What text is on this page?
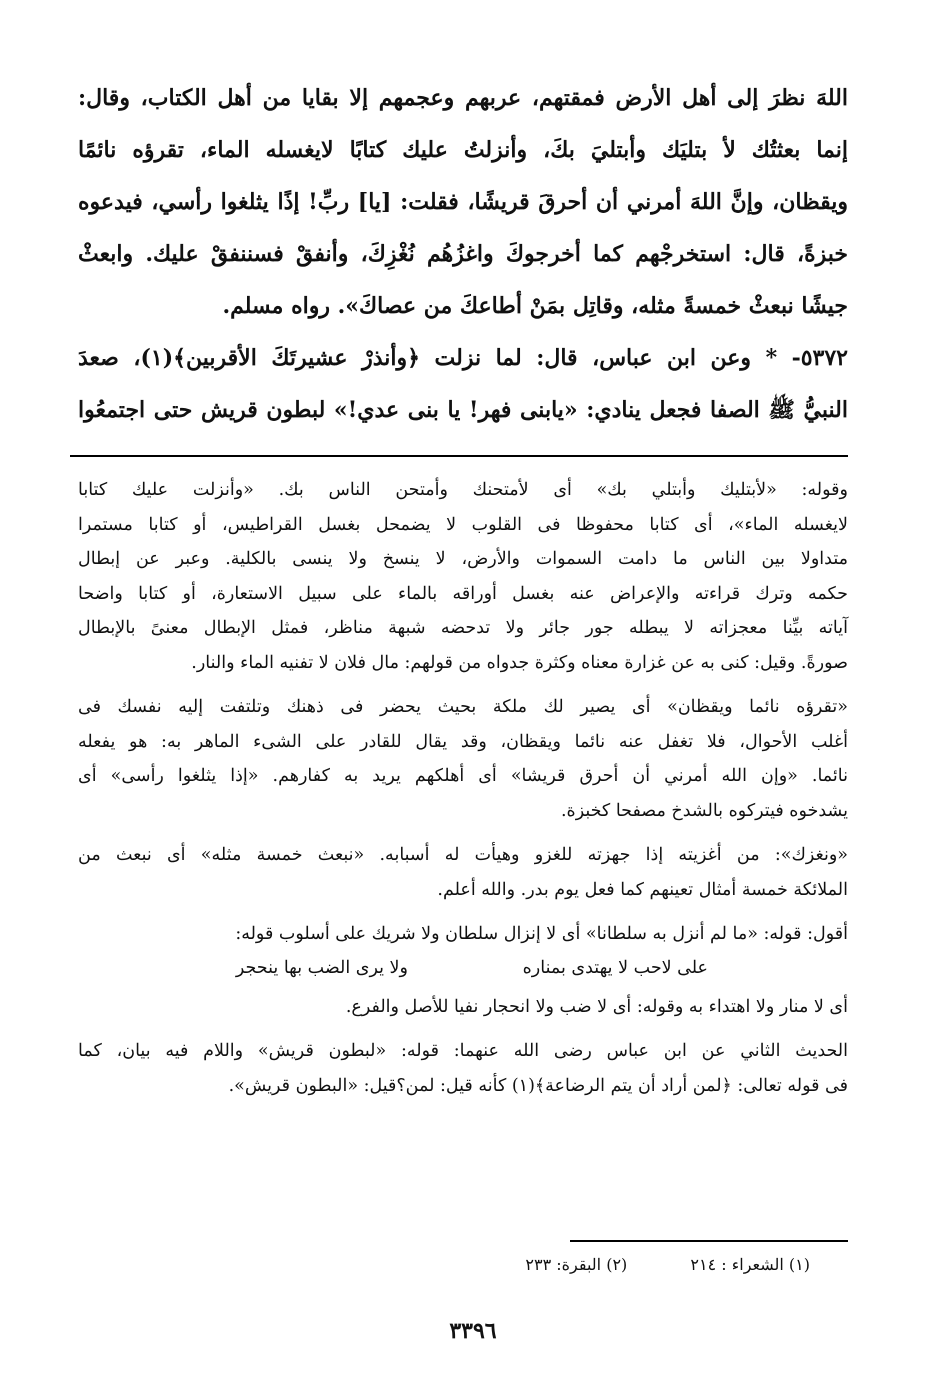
اللهَ نظرَ إلى أهل الأرض فمقتهم، عربهم وعجمهم إلا بقايا من أهل الكتاب، وقال:
إنما بعثتُك لأ بتليَك وأبتليَ بكَ، وأنزلتُ عليك كتابًا لايغسله الماء، تقرؤه نائمًا
ويقظان، وإنَّ اللهَ أمرني أن أحرقَ قريشًا، فقلت: [يا] ربِّ! إذًا يثلغوا رأسي، فيدعوه
خبزةً، قال: استخرجْهم كما أخرجوكَ واغزُهُم نُغْزِكَ، وأنفقْ فسننفقْ عليك. وابعثْ
جيشًا نبعثْ خمسةً مثله، وقاتِل بمَنْ أطاعكَ من عصاكَ». رواه مسلم.
٥٣٧٢- * وعن ابن عباس، قال: لما نزلت ﴿وأنذرْ عشيرتَكَ الأقربين﴾(١)، صعدَ
النبيُّ ﷺ الصفا فجعل ينادي: «يابنى فهر! يا بنى عدي!» لبطون قريش حتى اجتمعُوا
وقوله: «لأبتليك وأبتلي بك» أى لأمتحنك وأمتحن الناس بك. «وأنزلت عليك كتابا
لايغسله الماء»، أى كتابا محفوظا فى القلوب لا يضمحل بغسل القراطيس، أو كتابا مستمرا
متداولا بين الناس ما دامت السموات والأرض، لا ينسخ ولا ينسى بالكلية. وعبر عن إبطال
حكمه وترك قراءته والإعراض عنه بغسل أوراقه بالماء على سبيل الاستعارة، أو كتابا واضحا
آياته بيِّنا معجزاته لا يبطله جور جائر ولا تدحضه شبهة مناظر، فمثل الإبطال معنىً بالإبطال
صورةً. وقيل: كنى به عن غزارة معناه وكثرة جدواه من قولهم: مال فلان لا تفنيه الماء والنار.
«تقرؤه نائما ويقظان» أى يصير لك ملكة بحيث يحضر فى ذهنك وتلتفت إليه نفسك فى
أغلب الأحوال، فلا تغفل عنه نائما ويقظان، وقد يقال للقادر على الشىء الماهر به: هو يفعله
نائما. «وإن الله أمرني أن أحرق قريشا» أى أهلكهم يريد به كفارهم. «إذا يثلغوا رأسى» أى
يشدخوه فيتركوه بالشدخ مصفحا كخبزة.
«ونغزك»: من أغزيته إذا جهزته للغزو وهيأت له أسبابه. «نبعث خمسة مثله» أى نبعث من
الملائكة خمسة أمثال تعينهم كما فعل يوم بدر. والله أعلم.
أقول: قوله: «ما لم أنزل به سلطانا» أى لا إنزال سلطان ولا شريك على أسلوب قوله:
على لاحب لا يهتدى بمناره
ولا يرى الضب بها ينحجر
أى لا منار ولا اهتداء به وقوله: أى لا ضب ولا انحجار نفيا للأصل والفرع.
الحديث الثاني عن ابن عباس رضى الله عنهما: قوله: «لبطون قريش» واللام فيه بيان، كما
فى قوله تعالى: ﴿لمن أراد أن يتم الرضاعة﴾(١) كأنه قيل: لمن؟قيل: «البطون قريش».
(١) الشعراء : ٢١٤ (٢) البقرة: ٢٣٣
٣٣٩٦
